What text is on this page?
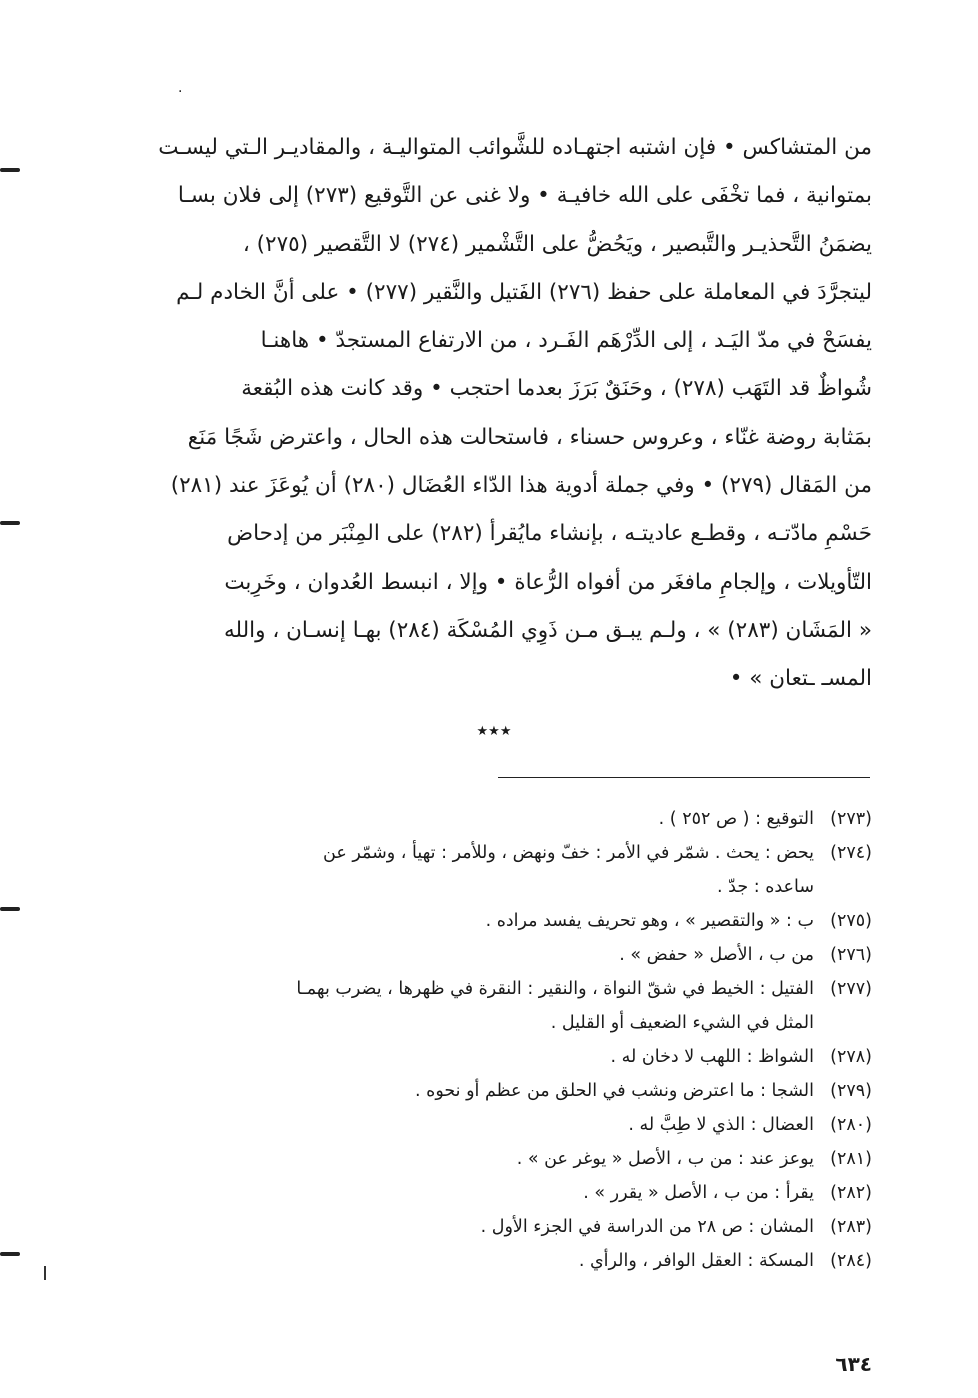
·
من المتشاكس • فإن اشتبه اجتهـاده للشَّوائب المتواليـة ، والمقاديـر الـتي ليسـت
بمتوانية ، فما تخْفَى على الله خافيـة • ولا غنى عن التَّوقيع (٢٧٣) إلى فلان بسـا
يضمَنُ التَّحذيـر والتَّبصير ، ويَحُضُّ على التَّشْمير (٢٧٤) لا التَّقصير (٢٧٥) ،
ليتجرَّدَ في المعاملة على حفظ (٢٧٦) الفَتيل والنَّقير (٢٧٧) • على أنَّ الخادم لـم
يفسَحْ في مدّ اليَـد ، إلى الدِّرْهَم الفَـرد ، من الارتفاع المستجدّ • هاهنـا
شُواظٌ قد التَهَب (٢٧٨) ، وحَنَقٌ بَرَزَ بعدما احتجب • وقد كانت هذه البُقعة
بمَثابة روضة غنّاء ، وعروس حسناء ، فاستحالت هذه الحال ، واعترض شَجًا مَنَع
من المَقال (٢٧٩) • وفي جملة أدوية هذا الدّاء العُضَال (٢٨٠) أن يُوعَزَ عند (٢٨١)
حَسْمِ مادّتـه ، وقطـع عاديتـه ، بإنشاء مايُقرأ (٢٨٢) على المِنْبَر من إدحاض
التّأويلات ، وإلجامِ مافغَر من أفواه الرُّعاة • وإلا ، انبسط العُدوان ، وخَرِبت
« المَشَان (٢٨٣) » ، ولـم يبـق مـن ذَوِي المُسْكَة (٢٨٤) بهـا إنسـان ، والله
المسـ ـتعان » •
★★★
(٢٧٣)التوقيع : ( ص ٢٥٢ ) .
(٢٧٤)يحض : يحث . شمّر في الأمر : خفّ ونهض ، وللأمر : تهيأ ، وشمّر عن
ساعده : جدّ .
(٢٧٥)ب : « والتقصير » ، وهو تحريف يفسد مراده .
(٢٧٦)من ب ، الأصل « حفض » .
(٢٧٧)الفتيل : الخيط في شقّ النواة ، والنقير : النقرة في ظهرها ، يضرب بهمـا
المثل في الشيء الضعيف أو القليل .
(٢٧٨)الشواظ : اللهب لا دخان له .
(٢٧٩)الشجا : ما اعترض ونشب في الحلق من عظم أو نحوه .
(٢٨٠)العضال : الذي لا طِبَّ له .
(٢٨١)يوعز عند : من ب ، الأصل « يوغر عن » .
(٢٨٢)يقرأ : من ب ، الأصل « يقرر » .
(٢٨٣)المشان : ص ٢٨ من الدراسة في الجزء الأول .
(٢٨٤)المسكة : العقل الوافر ، والرأي .
٦٣٤
